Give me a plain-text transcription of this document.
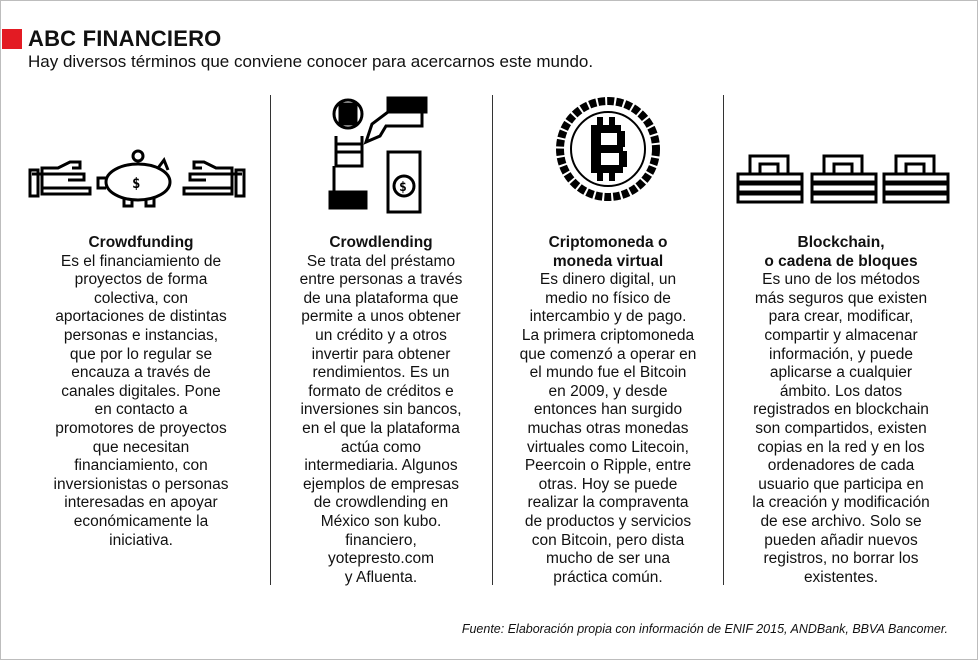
ABC FINANCIERO

Hay diversos términos que conviene conocer para acercarnos este mundo.

$	$
Crowdfunding
Es el financiamiento de
proyectos de forma
colectiva, con
aportaciones de distintas
personas e instancias,
que por lo regular se
encauza a través de
canales digitales. Pone
en contacto a
promotores de proyectos
que necesitan
financiamiento, con
inversionistas o personas
interesadas en apoyar
económicamente la
iniciativa.
Crowdlending
Se trata del préstamo
entre personas a través
de una plataforma que
permite a unos obtener
un crédito y a otros
invertir para obtener
rendimientos. Es un
formato de créditos e
inversiones sin bancos,
en el que la plataforma
actúa como
intermediaria. Algunos
ejemplos de empresas
de crowdlending en
México son kubo.
financiero,
yotepresto.com
y Afluenta.
Criptomoneda o
moneda virtual
Es dinero digital, un
medio no físico de
intercambio y de pago.
La primera criptomoneda
que comenzó a operar en
el mundo fue el Bitcoin
en 2009, y desde
entonces han surgido
muchas otras monedas
virtuales como Litecoin,
Peercoin o Ripple, entre
otras. Hoy se puede
realizar la compraventa
de productos y servicios
con Bitcoin, pero dista
mucho de ser una
práctica común.
Blockchain,
o cadena de bloques
Es uno de los métodos
más seguros que existen
para crear, modificar,
compartir y almacenar
información, y puede
aplicarse a cualquier
ámbito. Los datos
registrados en blockchain
son compartidos, existen
copias en la red y en los
ordenadores de cada
usuario que participa en
la creación y modificación
de ese archivo. Solo se
pueden añadir nuevos
registros, no borrar los
existentes.
Fuente: Elaboración propia con información de ENIF 2015, ANDBank, BBVA Bancomer.
